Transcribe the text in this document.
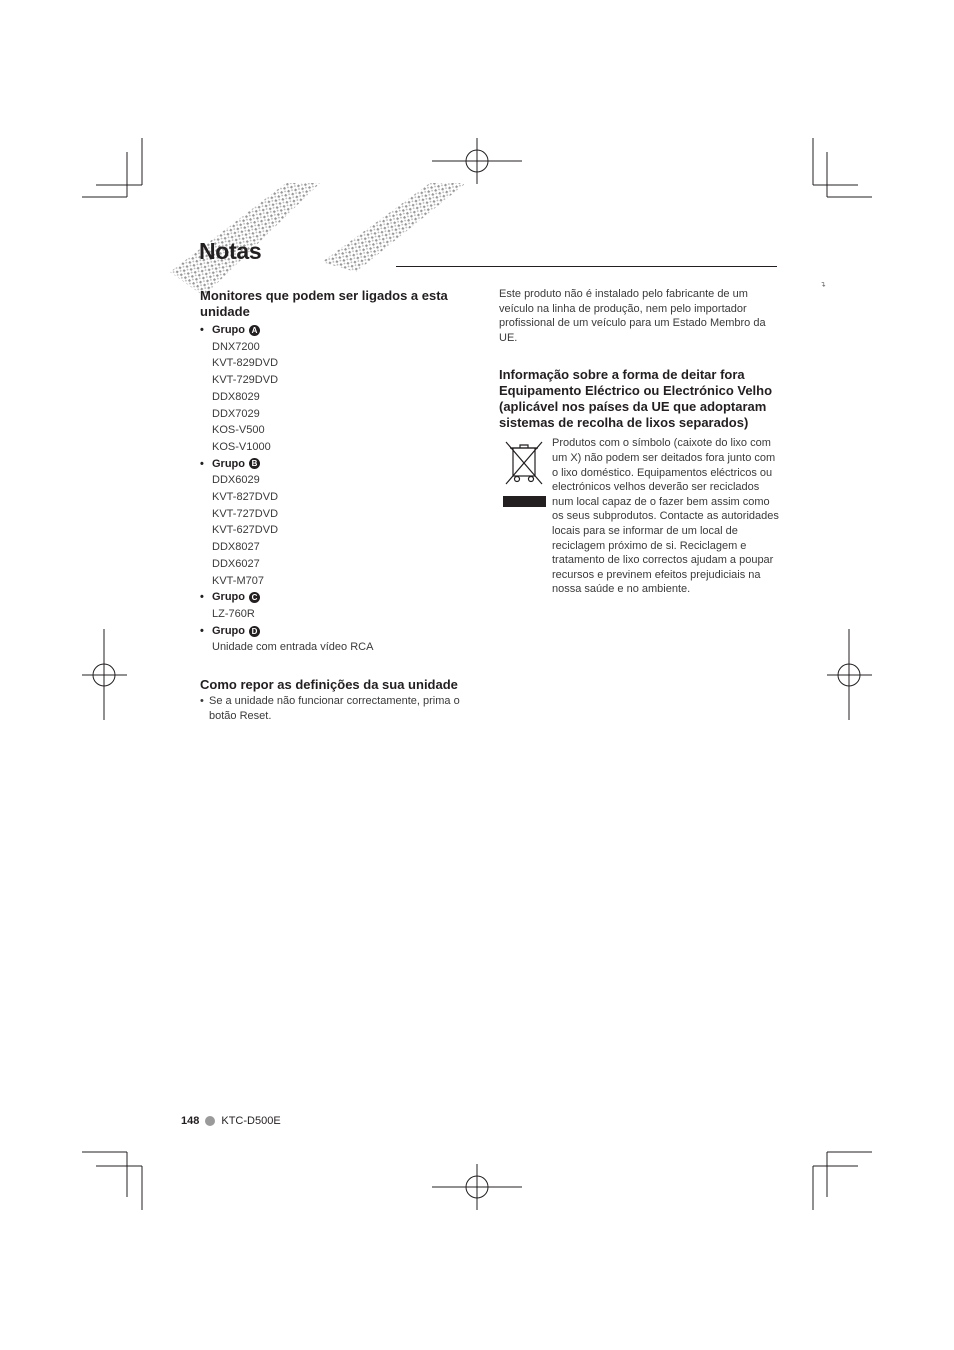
Notas
↵
Monitores que podem ser ligados a esta unidade
• Grupo A
DNX7200
KVT-829DVD
KVT-729DVD
DDX8029
DDX7029
KOS-V500
KOS-V1000
• Grupo B
DDX6029
KVT-827DVD
KVT-727DVD
KVT-627DVD
DDX8027
DDX6027
KVT-M707
• Grupo C
LZ-760R
• Grupo D
Unidade com entrada vídeo RCA
Como repor as definições da sua unidade
• Se a unidade não funcionar correctamente, prima o botão Reset.

Este produto não é instalado pelo fabricante de um veículo na linha de produção, nem pelo importador profissional de um veículo para um Estado Membro da UE.

Informação sobre a forma de deitar fora Equipamento Eléctrico ou Electrónico Velho (aplicável nos países da UE que adoptaram sistemas de recolha de lixos separados)
Produtos com o símbolo (caixote do lixo com um X) não podem ser deitados fora junto com o lixo doméstico. Equipamentos eléctricos ou electrónicos velhos deverão ser reciclados num local capaz de o fazer bem assim como os seus subprodutos. Contacte as autoridades locais para se informar de um local de reciclagem próximo de si. Reciclagem e tratamento de lixo correctos ajudam a poupar recursos e previnem efeitos prejudiciais na nossa saúde e no ambiente.
148 KTC-D500E
